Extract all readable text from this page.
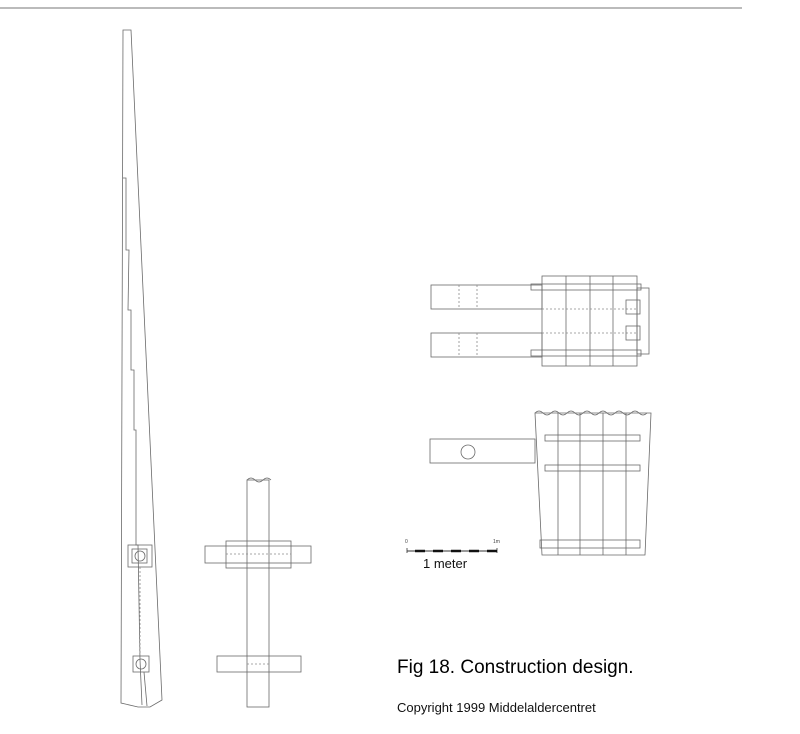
0	1m
1 meter
Fig 18. Construction design.
Copyright 1999 Middelaldercentret
